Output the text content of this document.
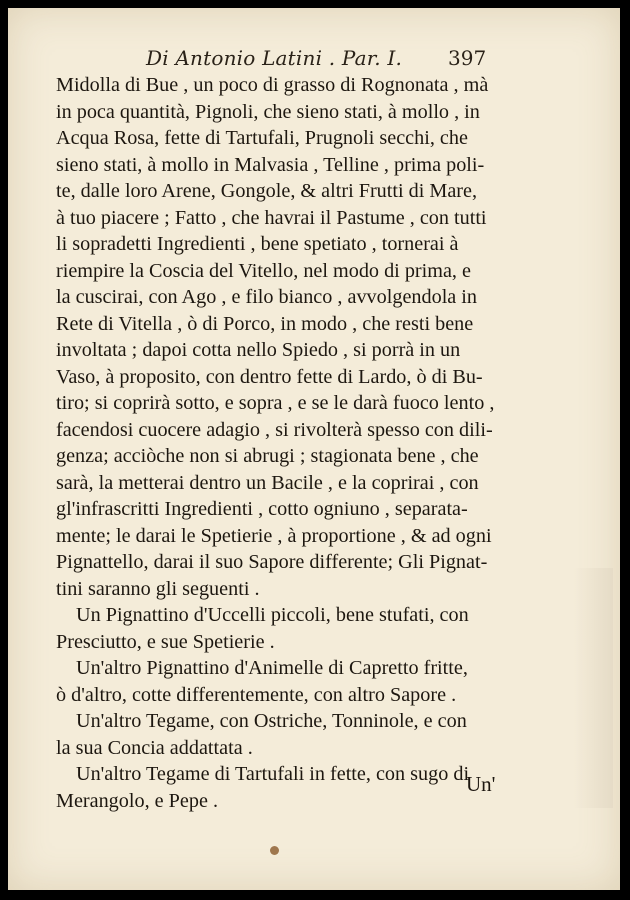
Di Antonio Latini . Par. I. 397
Midolla di Bue , un poco di grasso di Rognonata , mà
in poca quantità, Pignoli, che sieno stati, à mollo , in
Acqua Rosa, fette di Tartufali, Prugnoli secchi, che
sieno stati, à mollo in Malvasia , Telline , prima poli-
te, dalle loro Arene, Gongole, & altri Frutti di Mare,
à tuo piacere ; Fatto , che havrai il Pastume , con tutti
li sopradetti Ingredienti , bene spetiato , tornerai à
riempire la Coscia del Vitello, nel modo di prima, e
la cuscirai, con Ago , e filo bianco , avvolgendola in
Rete di Vitella , ò di Porco, in modo , che resti bene
involtata ; dapoi cotta nello Spiedo , si porrà in un
Vaso, à proposito, con dentro fette di Lardo, ò di Bu-
tiro; si coprirà sotto, e sopra , e se le darà fuoco lento ,
facendosi cuocere adagio , si rivolterà spesso con dili-
genza; acciòche non si abrugi ; stagionata bene , che
sarà, la metterai dentro un Bacile , e la coprirai , con
gl'infrascritti Ingredienti , cotto ogniuno , separata-
mente; le darai le Spetierie , à proportione , & ad ogni
Pignattello, darai il suo Sapore differente; Gli Pignat-
tini saranno gli seguenti .
Un Pignattino d'Uccelli piccoli, bene stufati, con
Presciutto, e sue Spetierie .
Un'altro Pignattino d'Animelle di Capretto fritte,
ò d'altro, cotte differentemente, con altro Sapore .
Un'altro Tegame, con Ostriche, Tonninole, e con
la sua Concia addattata .
Un'altro Tegame di Tartufali in fette, con sugo di
Merangolo, e Pepe .
Un'
